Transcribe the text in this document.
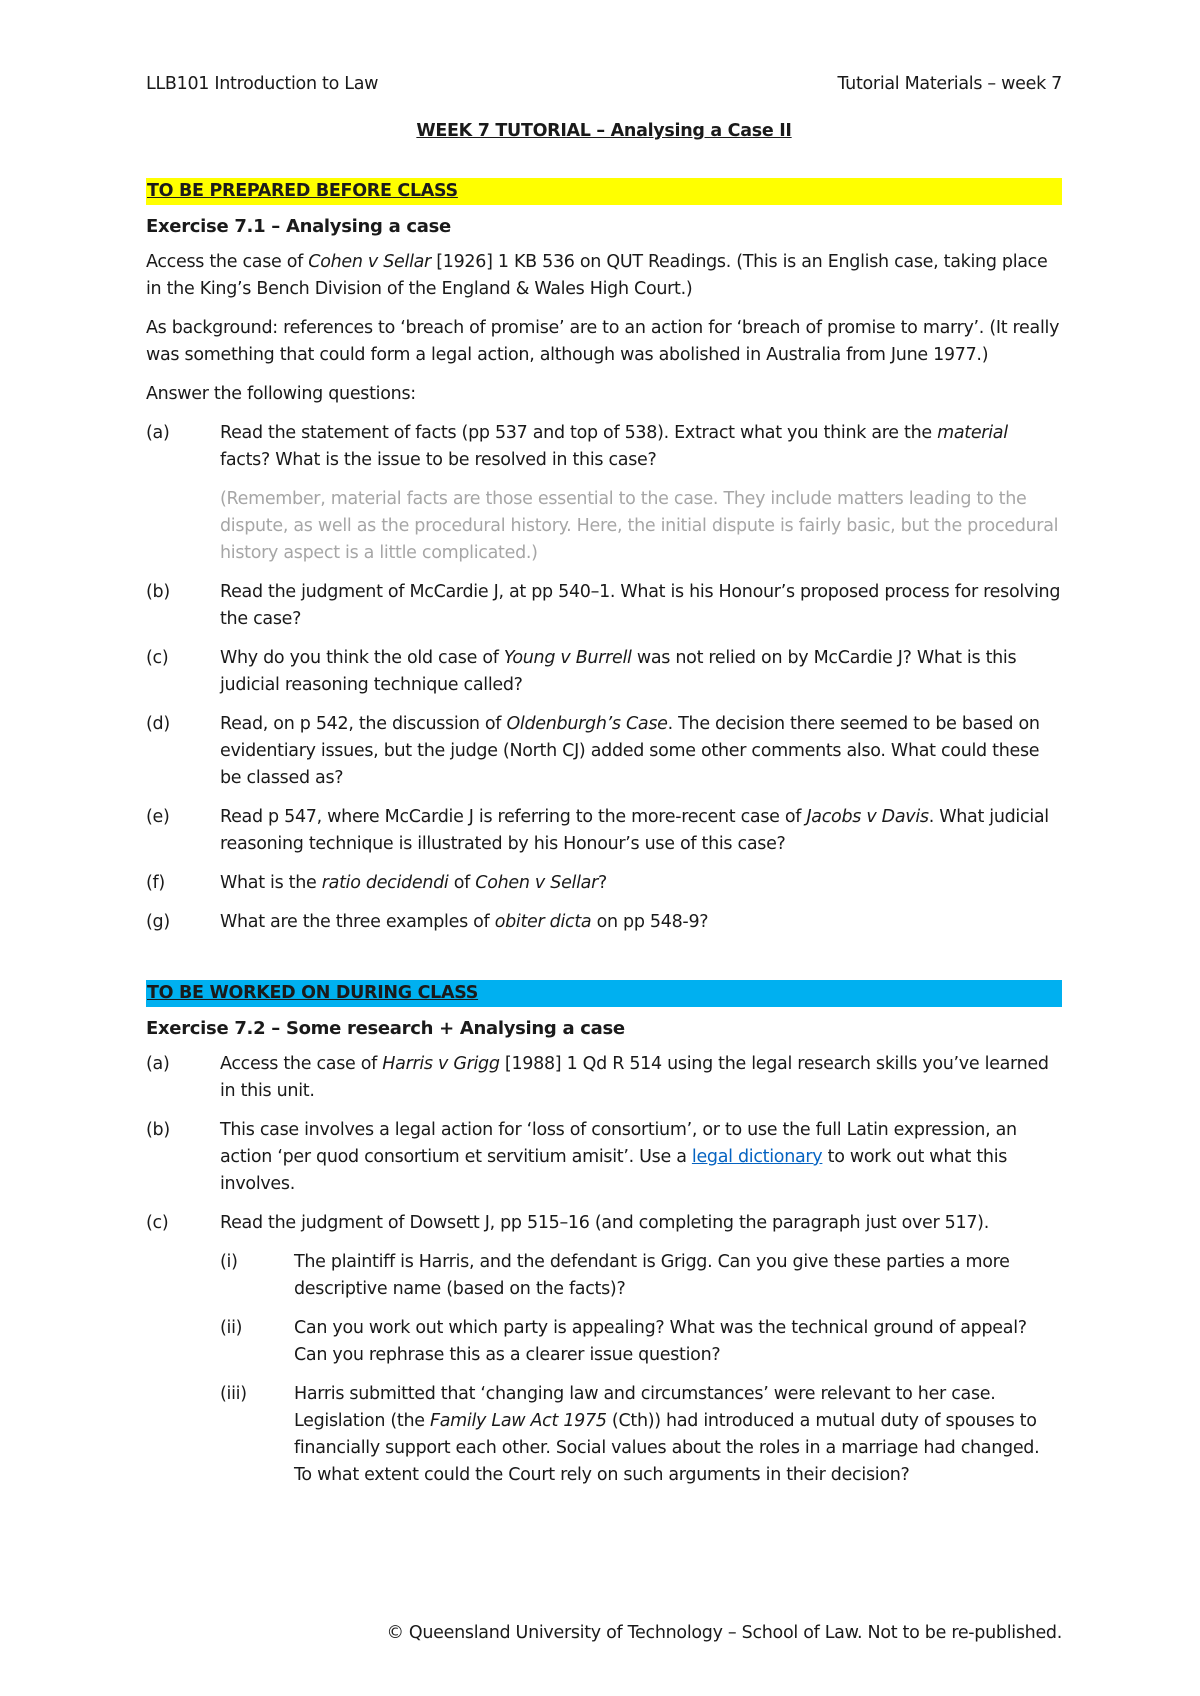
LLB101 Introduction to Law	Tutorial Materials – week 7
WEEK 7 TUTORIAL – Analysing a Case II
TO BE PREPARED BEFORE CLASS
Exercise 7.1 – Analysing a case

Access the case of Cohen v Sellar [1926] 1 KB 536 on QUT Readings. (This is an English case, taking place in the King’s Bench Division of the England & Wales High Court.)

As background: references to ‘breach of promise’ are to an action for ‘breach of promise to marry’. (It really was something that could form a legal action, although was abolished in Australia from June 1977.)

Answer the following questions:

(a)	Read the statement of facts (pp 537 and top of 538). Extract what you think are the material facts? What is the issue to be resolved in this case?

(Remember, material facts are those essential to the case. They include matters leading to the dispute, as well as the procedural history. Here, the initial dispute is fairly basic, but the procedural history aspect is a little complicated.)

(b)	Read the judgment of McCardie J, at pp 540–1. What is his Honour’s proposed process for resolving the case?
(c)	Why do you think the old case of Young v Burrell was not relied on by McCardie J? What is this judicial reasoning technique called?
(d)	Read, on p 542, the discussion of Oldenburgh’s Case. The decision there seemed to be based on evidentiary issues, but the judge (North CJ) added some other comments also. What could these be classed as?
(e)	Read p 547, where McCardie J is referring to the more-recent case of Jacobs v Davis. What judicial reasoning technique is illustrated by his Honour’s use of this case?
(f)	What is the ratio decidendi of Cohen v Sellar?
(g)	What are the three examples of obiter dicta on pp 548-9?
TO BE WORKED ON DURING CLASS
Exercise 7.2 – Some research + Analysing a case
(a)	Access the case of Harris v Grigg [1988] 1 Qd R 514 using the legal research skills you’ve learned in this unit.
(b)	This case involves a legal action for ‘loss of consortium’, or to use the full Latin expression, an action ‘per quod consortium et servitium amisit’. Use a legal dictionary to work out what this involves.
(c)	Read the judgment of Dowsett J, pp 515–16 (and completing the paragraph just over 517).
(i)	The plaintiff is Harris, and the defendant is Grigg. Can you give these parties a more descriptive name (based on the facts)?
(ii)	Can you work out which party is appealing? What was the technical ground of appeal? Can you rephrase this as a clearer issue question?
(iii)	Harris submitted that ‘changing law and circumstances’ were relevant to her case. Legislation (the Family Law Act 1975 (Cth)) had introduced a mutual duty of spouses to financially support each other. Social values about the roles in a marriage had changed. To what extent could the Court rely on such arguments in their decision?
© Queensland University of Technology – School of Law. Not to be re-published.
